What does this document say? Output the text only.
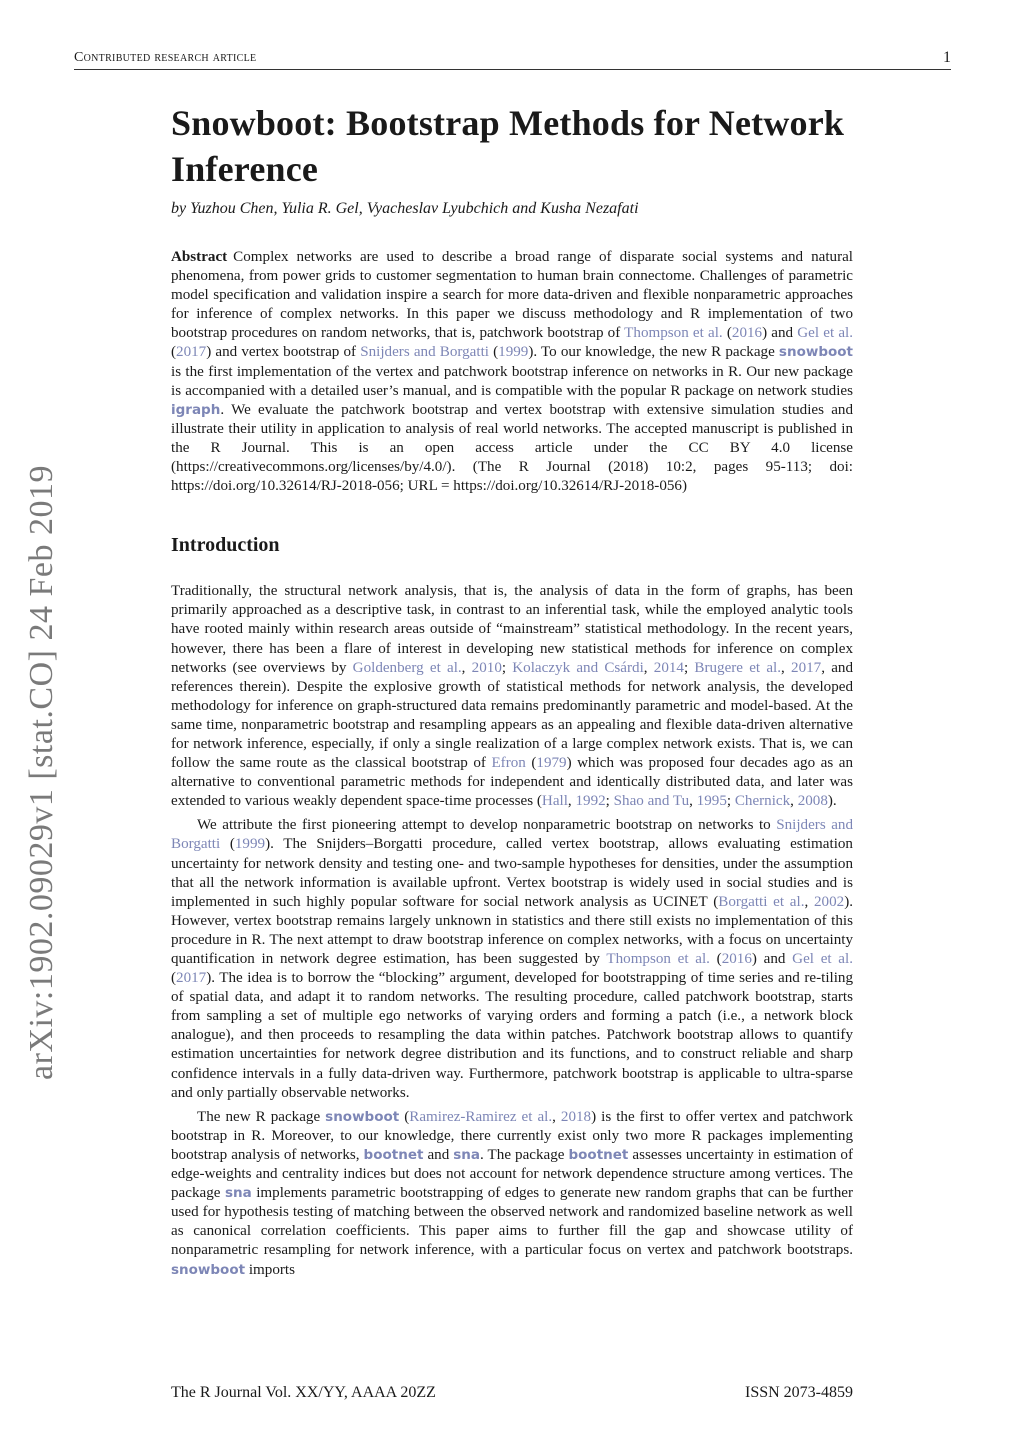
Contributed research article	1
arXiv:1902.09029v1 [stat.CO] 24 Feb 2019
Snowboot: Bootstrap Methods for Network Inference
by Yuzhou Chen, Yulia R. Gel, Vyacheslav Lyubchich and Kusha Nezafati

Abstract Complex networks are used to describe a broad range of disparate social systems and natural phenomena, from power grids to customer segmentation to human brain connectome. Challenges of parametric model specification and validation inspire a search for more data-driven and flexible nonparametric approaches for inference of complex networks. In this paper we discuss methodology and R implementation of two bootstrap procedures on random networks, that is, patchwork bootstrap of Thompson et al. (2016) and Gel et al. (2017) and vertex bootstrap of Snijders and Borgatti (1999). To our knowledge, the new R package snowboot is the first implementation of the vertex and patchwork bootstrap inference on networks in R. Our new package is accompanied with a detailed user’s manual, and is compatible with the popular R package on network studies igraph. We evaluate the patchwork bootstrap and vertex bootstrap with extensive simulation studies and illustrate their utility in application to analysis of real world networks. The accepted manuscript is published in the R Journal. This is an open access article under the CC BY 4.0 license (https://creativecommons.org/licenses/by/4.0/). (The R Journal (2018) 10:2, pages 95-113; doi: https://doi.org/10.32614/RJ-2018-056; URL = https://doi.org/10.32614/RJ-2018-056)

Introduction

Traditionally, the structural network analysis, that is, the analysis of data in the form of graphs, has been primarily approached as a descriptive task, in contrast to an inferential task, while the employed analytic tools have rooted mainly within research areas outside of “mainstream” statistical methodology. In the recent years, however, there has been a flare of interest in developing new statistical methods for inference on complex networks (see overviews by Goldenberg et al., 2010; Kolaczyk and Csárdi, 2014; Brugere et al., 2017, and references therein). Despite the explosive growth of statistical methods for network analysis, the developed methodology for inference on graph-structured data remains predominantly parametric and model-based. At the same time, nonparametric bootstrap and resampling appears as an appealing and flexible data-driven alternative for network inference, especially, if only a single realization of a large complex network exists. That is, we can follow the same route as the classical bootstrap of Efron (1979) which was proposed four decades ago as an alternative to conventional parametric methods for independent and identically distributed data, and later was extended to various weakly dependent space-time processes (Hall, 1992; Shao and Tu, 1995; Chernick, 2008).

We attribute the first pioneering attempt to develop nonparametric bootstrap on networks to Snijders and Borgatti (1999). The Snijders–Borgatti procedure, called vertex bootstrap, allows evaluating estimation uncertainty for network density and testing one- and two-sample hypotheses for densities, under the assumption that all the network information is available upfront. Vertex bootstrap is widely used in social studies and is implemented in such highly popular software for social network analysis as UCINET (Borgatti et al., 2002). However, vertex bootstrap remains largely unknown in statistics and there still exists no implementation of this procedure in R. The next attempt to draw bootstrap inference on complex networks, with a focus on uncertainty quantification in network degree estimation, has been suggested by Thompson et al. (2016) and Gel et al. (2017). The idea is to borrow the “blocking” argument, developed for bootstrapping of time series and re-tiling of spatial data, and adapt it to random networks. The resulting procedure, called patchwork bootstrap, starts from sampling a set of multiple ego networks of varying orders and forming a patch (i.e., a network block analogue), and then proceeds to resampling the data within patches. Patchwork bootstrap allows to quantify estimation uncertainties for network degree distribution and its functions, and to construct reliable and sharp confidence intervals in a fully data-driven way. Furthermore, patchwork bootstrap is applicable to ultra-sparse and only partially observable networks.

The new R package snowboot (Ramirez-Ramirez et al., 2018) is the first to offer vertex and patchwork bootstrap in R. Moreover, to our knowledge, there currently exist only two more R packages implementing bootstrap analysis of networks, bootnet and sna. The package bootnet assesses uncertainty in estimation of edge-weights and centrality indices but does not account for network dependence structure among vertices. The package sna implements parametric bootstrapping of edges to generate new random graphs that can be further used for hypothesis testing of matching between the observed network and randomized baseline network as well as canonical correlation coefficients. This paper aims to further fill the gap and showcase utility of nonparametric resampling for network inference, with a particular focus on vertex and patchwork bootstraps. snowboot imports

The R Journal Vol. XX/YY, AAAA 20ZZ	ISSN 2073-4859
